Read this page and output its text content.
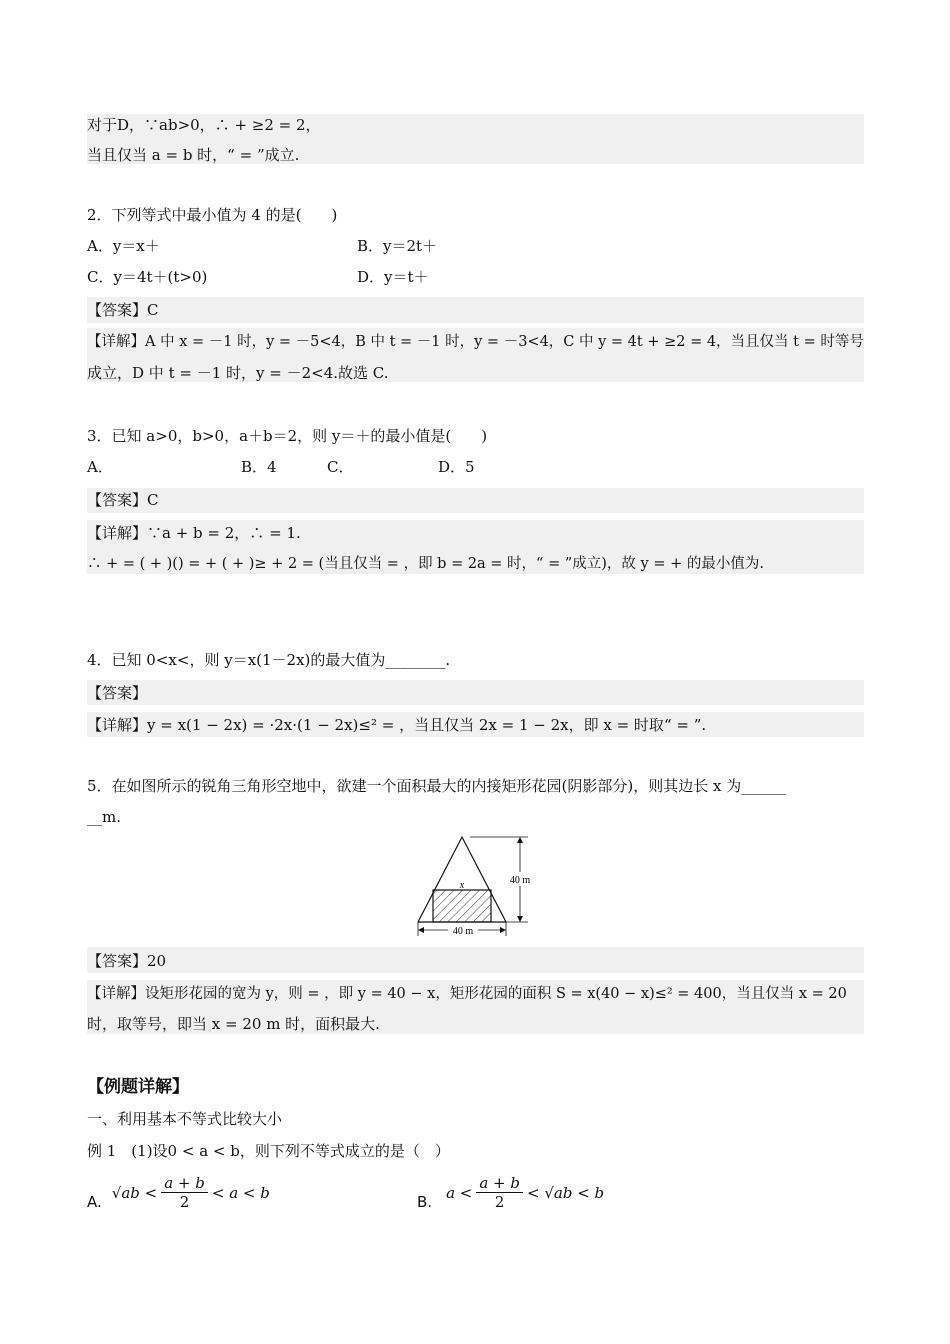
对于D，∵ab>0，∴ + ≥2 = 2，
当且仅当 a = b 时，“ = ”成立.
2．下列等式中最小值为 4 的是(　　)
A．y＝x＋	B．y＝2t＋
C．y＝4t＋(t>0)	D．y＝t＋
【答案】C
【详解】A 中 x = －1 时，y = －5<4，B 中 t = －1 时，y = －3<4，C 中 y = 4t + ≥2 = 4，当且仅当 t = 时等号
成立，D 中 t = －1 时，y = －2<4.故选 C.
3．已知 a>0，b>0，a＋b＝2，则 y＝＋的最小值是(　　)
A．	B．4	C．	D．5
【答案】C
【详解】∵a + b = 2，∴ = 1.
∴ + = ( + )() = + ( + )≥ + 2 = (当且仅当 = ，即 b = 2a = 时，“ = ”成立)，故 y = + 的最小值为.
4．已知 0<x<，则 y＝x(1－2x)的最大值为________.
【答案】
【详解】y = x(1 − 2x) = ·2x·(1 − 2x)≤² = ，当且仅当 2x = 1 − 2x，即 x = 时取“ = ”.
5．在如图所示的锐角三角形空地中，欲建一个面积最大的内接矩形花园(阴影部分)，则其边长 x 为______
__m.
x	40 m
40 m
【答案】20
【详解】设矩形花园的宽为 y，则 = ，即 y = 40 − x，矩形花园的面积 S = x(40 − x)≤² = 400，当且仅当 x = 20
时，取等号，即当 x = 20 m 时，面积最大.
【例题详解】
一、利用基本不等式比较大小
例 1　(1)设0 < a < b，则下列不等式成立的是（　）
A. $√ab < \frac{a + b}{2} < a < b$	B. $a < \frac{a + b}{2} < √ab < b$
